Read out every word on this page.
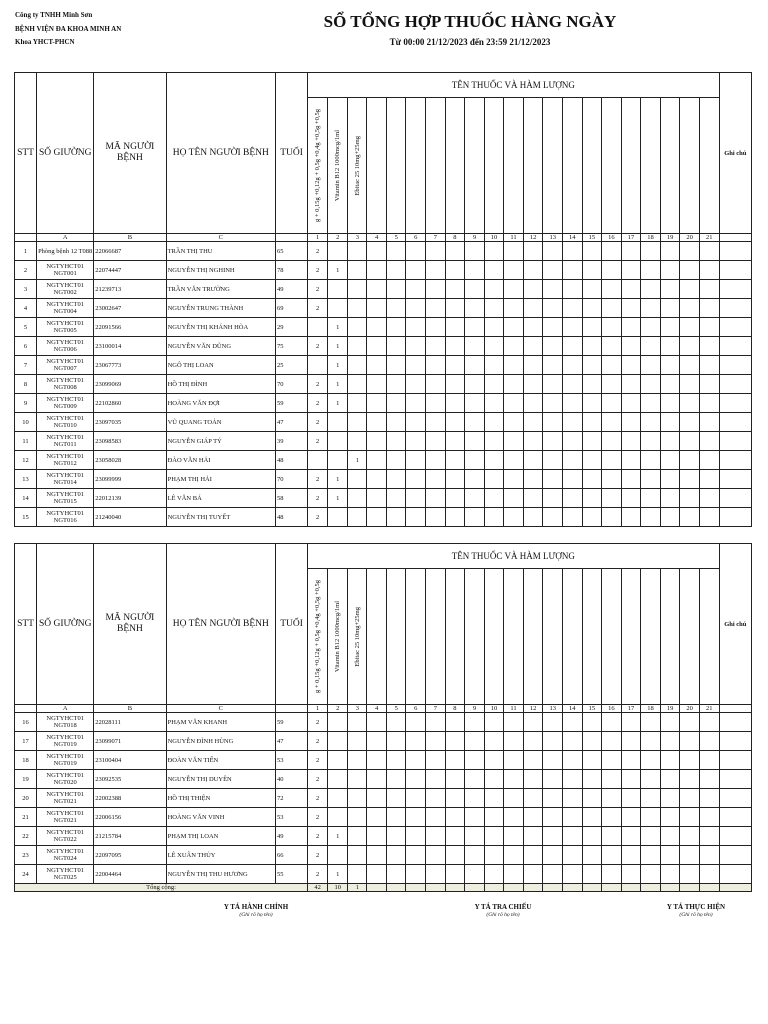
Công ty TNHH Minh Sơn
BỆNH VIỆN ĐA KHOA MINH AN
Khoa YHCT-PHCN
SỔ TỔNG HỢP THUỐC HÀNG NGÀY
Từ 00:00 21/12/2023 đến 23:59 21/12/2023
STT	SỐ GIƯỜNG	MÃ NGƯỜI BỆNH	HỌ TÊN NGƯỜI BỆNH	TUỔI	TÊN THUỐC VÀ HÀM LƯỢNG																					Ghi chú

					g + 0,15g +0,12g + 0,5g +0,4g +0,5g +0,5g	Vitamin B12 1000mcg/1ml	Ebitac 25 10mg+25mg																			

	A	B	C		1	2	3	4	5	6	7	8	9	10	11	12	13	14	15	16	17	18	19	20	21	
1	Phòng bệnh 12 T088	22066687	TRẦN THỊ THU	65	2																					
2	NGTYHCT01 NGT001	22074447	NGUYỄN THỊ NGHINH	78	2	1																				
3	NGTYHCT01 NGT002	21239713	TRẦN VĂN TRƯỜNG	49	2																					
4	NGTYHCT01 NGT004	23002647	NGUYỄN TRUNG THÀNH	69	2																					
5	NGTYHCT01 NGT005	22091566	NGUYỄN THỊ KHÁNH HÒA	29		1																				
6	NGTYHCT01 NGT006	23100014	NGUYỄN VĂN DŨNG	75	2	1																				
7	NGTYHCT01 NGT007	23067773	NGÔ THỊ LOAN	25		1																				
8	NGTYHCT01 NGT008	23099069	HỒ THỊ ĐÌNH	70	2	1																				
9	NGTYHCT01 NGT009	22102860	HOÀNG VĂN ĐỢI	59	2	1																				
10	NGTYHCT01 NGT010	23097035	VŨ QUANG TOẢN	47	2																					
11	NGTYHCT01 NGT011	23098583	NGUYỄN GIÁP TÝ	39	2																					
12	NGTYHCT01 NGT012	23058028	ĐÀO VĂN HẢI	48			1																			
13	NGTYHCT01 NGT014	23099999	PHẠM THỊ HẢI	70	2	1																				
14	NGTYHCT01 NGT015	22012139	LÊ VĂN BÁ	58	2	1																				
15	NGTYHCT01 NGT016	21240040	NGUYỄN THỊ TUYẾT	48	2																					
STT	SỐ GIƯỜNG	MÃ NGƯỜI BỆNH	HỌ TÊN NGƯỜI BỆNH	TUỔI	TÊN THUỐC VÀ HÀM LƯỢNG																					Ghi chú

					g + 0,15g +0,12g + 0,5g +0,4g +0,5g +0,5g	Vitamin B12 1000mcg/1ml	Ebitac 25 10mg+25mg																			

	A	B	C		1	2	3	4	5	6	7	8	9	10	11	12	13	14	15	16	17	18	19	20	21	
16	NGTYHCT01 NGT018	22028111	PHẠM VĂN KHANH	59	2																					
17	NGTYHCT01 NGT019	23099071	NGUYỄN ĐÌNH HÙNG	47	2																					
18	NGTYHCT01 NGT019	23100404	ĐOÀN VĂN TIẾN	53	2																					
19	NGTYHCT01 NGT020	23092535	NGUYỄN THỊ DUYÊN	40	2																					
20	NGTYHCT01 NGT021	22002388	HỒ THỊ THIỆN	72	2																					
21	NGTYHCT01 NGT021	22006156	HOÀNG VĂN VINH	53	2																					
22	NGTYHCT01 NGT022	21215784	PHẠM THỊ LOAN	49	2	1																				
23	NGTYHCT01 NGT024	22097095	LÊ XUÂN THỦY	66	2																					
24	NGTYHCT01 NGT025	22004464	NGUYỄN THỊ THU HƯƠNG	55	2	1																				
Tổng cộng:					42	10	1																			
Y TÁ HÀNH CHÍNH
(Ghi rõ họ tên)
Y TÁ TRA CHIẾU
(Ghi rõ họ tên)
Y TÁ THỰC HIỆN
(Ghi rõ họ tên)
